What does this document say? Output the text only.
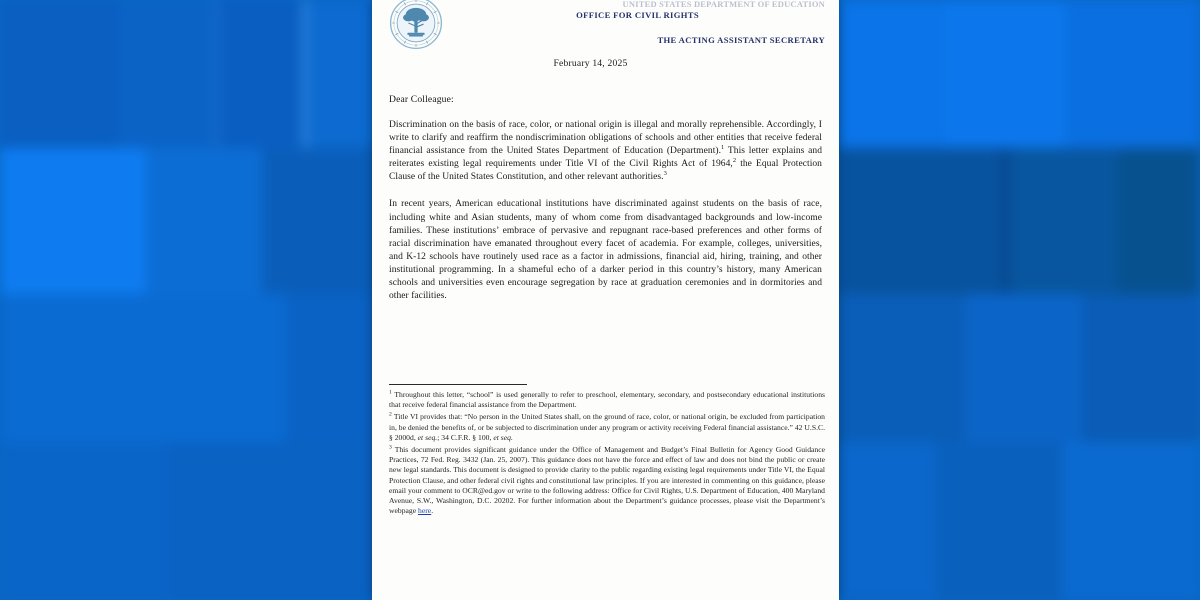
UNITED STATES DEPARTMENT OF EDUCATION
OFFICE FOR CIVIL RIGHTS
THE ACTING ASSISTANT SECRETARY
February 14, 2025
Dear Colleague:

Discrimination on the basis of race, color, or national origin is illegal and morally reprehensible. Accordingly, I write to clarify and reaffirm the nondiscrimination obligations of schools and other entities that receive federal financial assistance from the United States Department of Education (Department).$^1$ This letter explains and reiterates existing legal requirements under Title VI of the Civil Rights Act of 1964,$^2$ the Equal Protection Clause of the United States Constitution, and other relevant authorities.$^3$

In recent years, American educational institutions have discriminated against students on the basis of race, including white and Asian students, many of whom come from disadvantaged backgrounds and low-income families. These institutions’ embrace of pervasive and repugnant race-based preferences and other forms of racial discrimination have emanated throughout every facet of academia. For example, colleges, universities, and K-12 schools have routinely used race as a factor in admissions, financial aid, hiring, training, and other institutional programming. In a shameful echo of a darker period in this country’s history, many American schools and universities even encourage segregation by race at graduation ceremonies and in dormitories and other facilities.

$^1$ Throughout this letter, “school” is used generally to refer to preschool, elementary, secondary, and postsecondary educational institutions that receive federal financial assistance from the Department.

$^2$ Title VI provides that: “No person in the United States shall, on the ground of race, color, or national origin, be excluded from participation in, be denied the benefits of, or be subjected to discrimination under any program or activity receiving Federal financial assistance.” 42 U.S.C. § 2000d, et seq.; 34 C.F.R. § 100, et seq.

$^3$ This document provides significant guidance under the Office of Management and Budget’s Final Bulletin for Agency Good Guidance Practices, 72 Fed. Reg. 3432 (Jan. 25, 2007). This guidance does not have the force and effect of law and does not bind the public or create new legal standards. This document is designed to provide clarity to the public regarding existing legal requirements under Title VI, the Equal Protection Clause, and other federal civil rights and constitutional law principles. If you are interested in commenting on this guidance, please email your comment to OCR@ed.gov or write to the following address: Office for Civil Rights, U.S. Department of Education, 400 Maryland Avenue, S.W., Washington, D.C. 20202. For further information about the Department’s guidance processes, please visit the Department’s webpage here.
